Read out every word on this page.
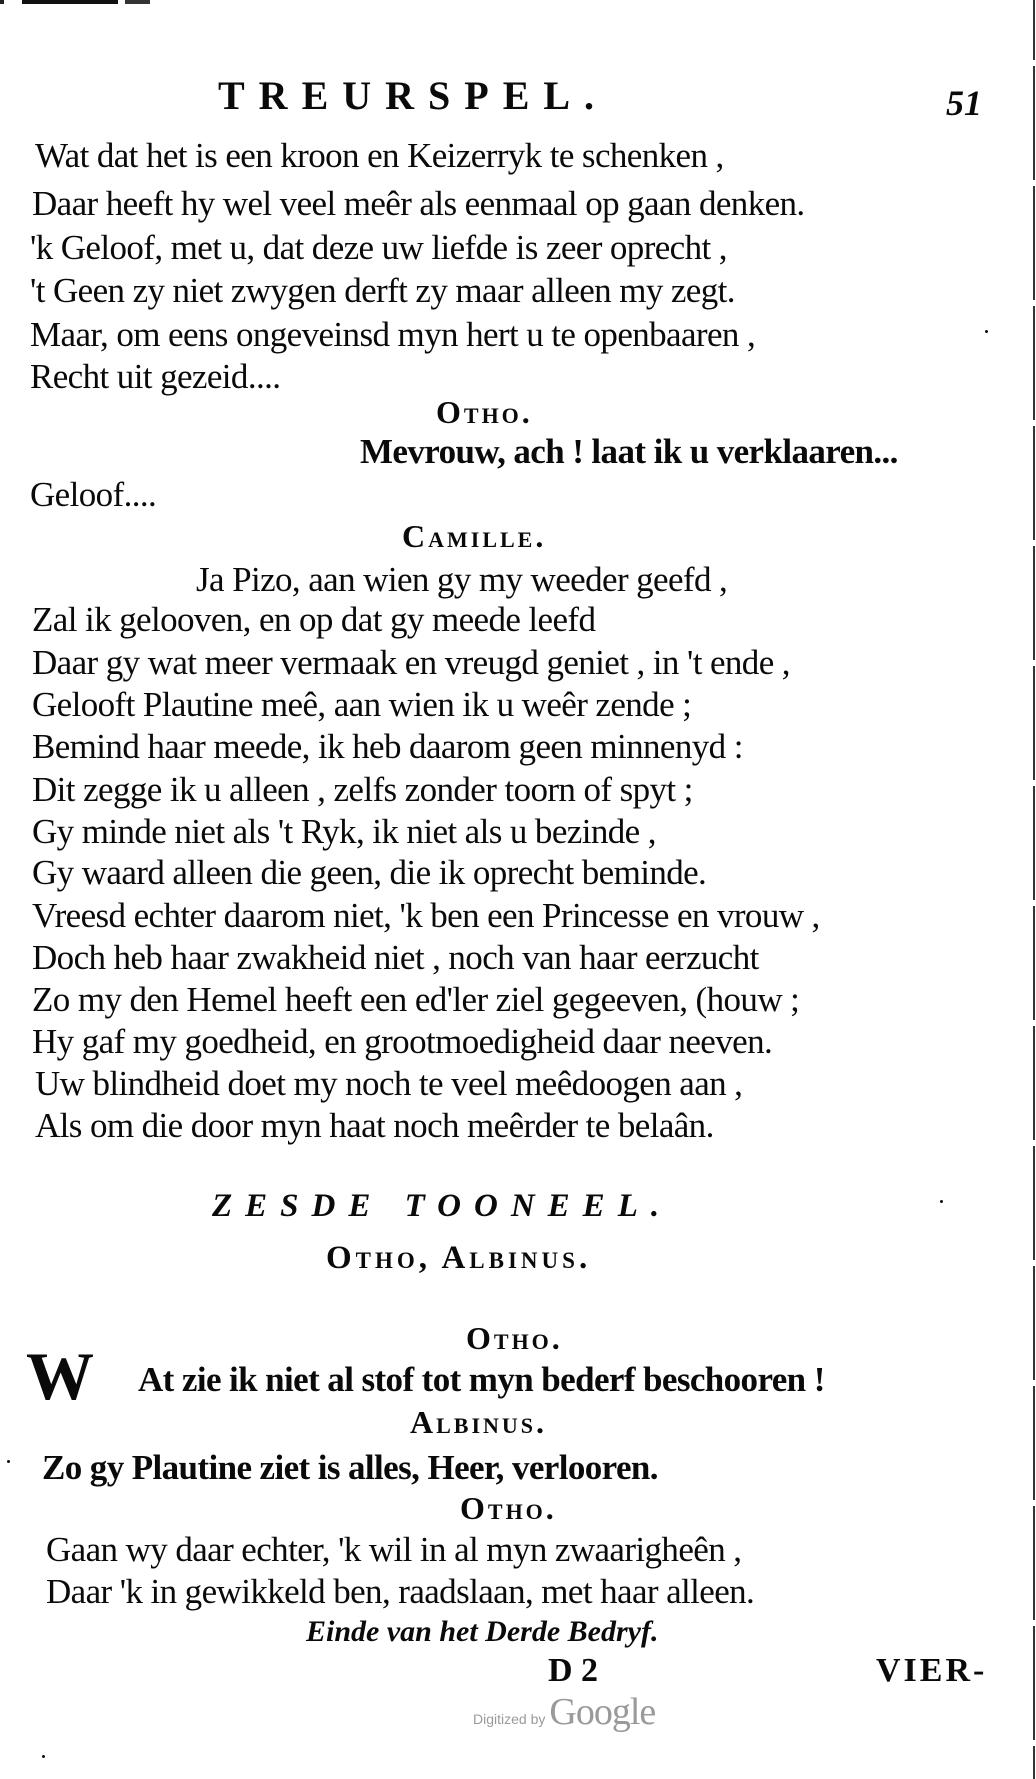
TREURSPEL.	51
Wat dat het is een kroon en Keizerryk te schenken ,
Daar heeft hy wel veel meêr als eenmaal op gaan denken.
'k Geloof, met u, dat deze uw liefde is zeer oprecht ,
't Geen zy niet zwygen derft zy maar alleen my zegt.
Maar, om eens ongeveinsd myn hert u te openbaaren ,
Recht uit gezeid....
Otho.
Mevrouw, ach ! laat ik u verklaaren...
Geloof....
Camille.
Ja Pizo, aan wien gy my weeder geefd ,
Zal ik gelooven, en op dat gy meede leefd
Daar gy wat meer vermaak en vreugd geniet , in 't ende ,
Gelooft Plautine meê, aan wien ik u weêr zende ;
Bemind haar meede, ik heb daarom geen minnenyd :
Dit zegge ik u alleen , zelfs zonder toorn of spyt ;
Gy minde niet als 't Ryk, ik niet als u bezinde ,
Gy waard alleen die geen, die ik oprecht beminde.
Vreesd echter daarom niet, 'k ben een Princesse en vrouw ,
Doch heb haar zwakheid niet , noch van haar eerzucht
Zo my den Hemel heeft een ed'ler ziel gegeeven, (houw ;
Hy gaf my goedheid, en grootmoedigheid daar neeven.
Uw blindheid doet my noch te veel meêdoogen aan ,
Als om die door myn haat noch meêrder te belaân.
ZESDE TOONEEL.
Otho, Albinus.
Otho.
W At zie ik niet al stof tot myn bederf beschooren !
Albinus.
Zo gy Plautine ziet is alles, Heer, verlooren.
Otho.
Gaan wy daar echter, 'k wil in al myn zwaarigheên ,
Daar 'k in gewikkeld ben, raadslaan, met haar alleen.
Einde van het Derde Bedryf.
D 2	VIER-
Digitized by Google
